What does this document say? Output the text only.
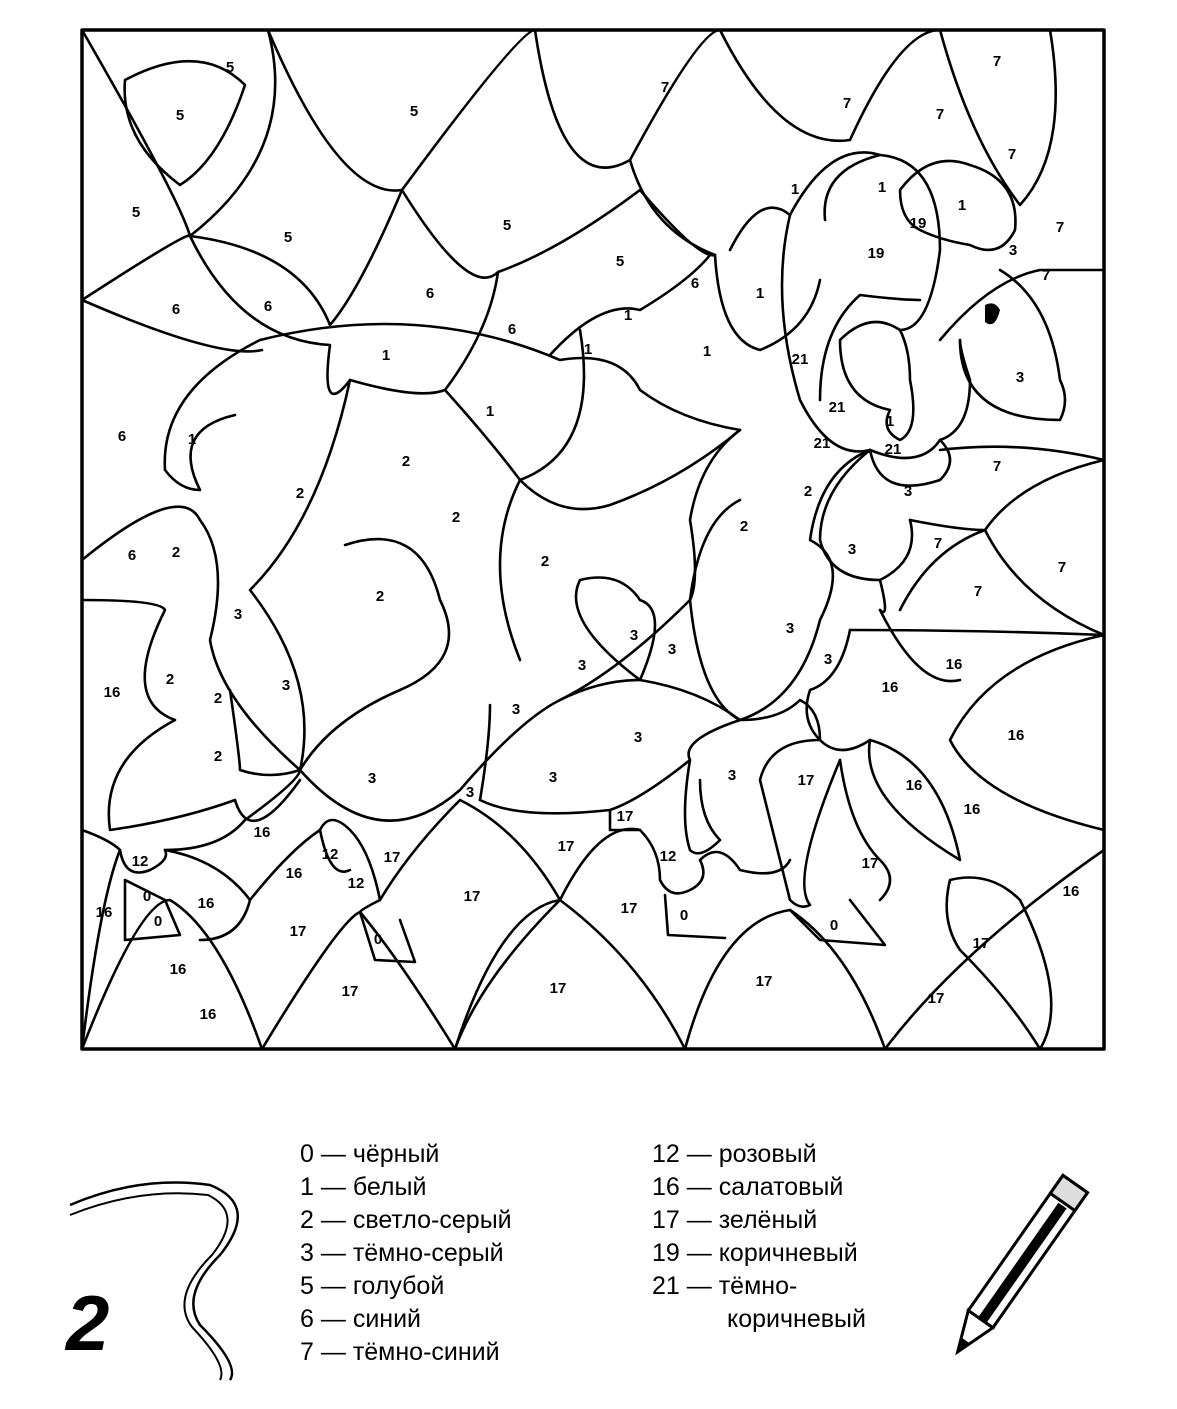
5
5	5
7
7
7
7
7
5
5
5
5
6	6
6
6
1
1
19
1
19
7
3
7
1
1
1	1	21
1
2
3
6
1
21
2
1
21	21
1
7
6
2
2
2
2	3
2
7
6
2
3
3
7
7
3
2
3
3
16	16
16
2
3
2
3
16
16
3
3
3
3
3	17
16
16
3
3
17
16
12	12	17
17
12
17
17
12
16
16
16
17
0
0
0
17	17
0
16
17
17
17
17
16
0
2
0 — чёрный
1 — белый
2 — светло-серый
3 — тёмно-серый
5 — голубой
6 — синий
7 — тёмно-синий
12 — розовый
16 — салатовый
17 — зелёный
19 — коричневый
21 — тёмно-
коричневый
